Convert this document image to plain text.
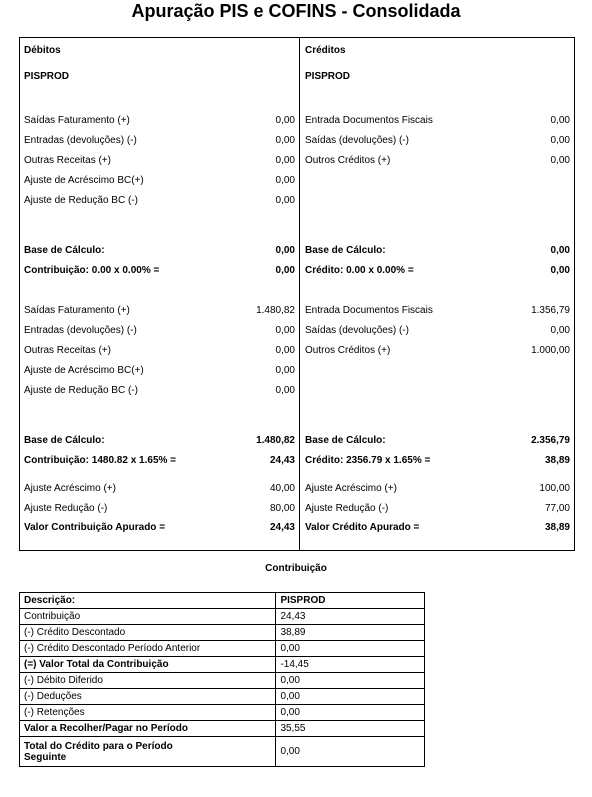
Apuração PIS e COFINS - Consolidada
Débitos
PISPROD
Saídas Faturamento (+)	0,00
Entradas (devoluções) (-)	0,00
Outras Receitas (+)	0,00
Ajuste de Acréscimo BC(+)	0,00
Ajuste de Redução BC (-)	0,00
Base de Cálculo:	0,00
Contribuição: 0.00 x 0.00% =	0,00
Saídas Faturamento (+)	1.480,82
Entradas (devoluções) (-)	0,00
Outras Receitas (+)	0,00
Ajuste de Acréscimo BC(+)	0,00
Ajuste de Redução BC (-)	0,00
Base de Cálculo:	1.480,82
Contribuição: 1480.82 x 1.65% =	24,43
Ajuste Acréscimo (+)	40,00
Ajuste Redução (-)	80,00
Valor Contribuição Apurado =	24,43
Créditos
PISPROD
Entrada Documentos Fiscais	0,00
Saídas (devoluções) (-)	0,00
Outros Créditos (+)	0,00
Base de Cálculo:	0,00
Crédito: 0.00 x 0.00% =	0,00
Entrada Documentos Fiscais	1.356,79
Saídas (devoluções) (-)	0,00
Outros Créditos (+)	1.000,00
Base de Cálculo:	2.356,79
Crédito: 2356.79 x 1.65% =	38,89
Ajuste Acréscimo (+)	100,00
Ajuste Redução (-)	77,00
Valor Crédito Apurado =	38,89
Contribuição
Descrição:	PISPROD
Contribuição	24,43
(-) Crédito Descontado	38,89
(-) Crédito Descontado Período Anterior	0,00
(=) Valor Total da Contribuição	-14,45
(-) Débito Diferido	0,00
(-) Deduções	0,00
(-) Retenções	0,00
Valor a Recolher/Pagar no Período	35,55
Total do Crédito para o Período Seguinte	0,00
